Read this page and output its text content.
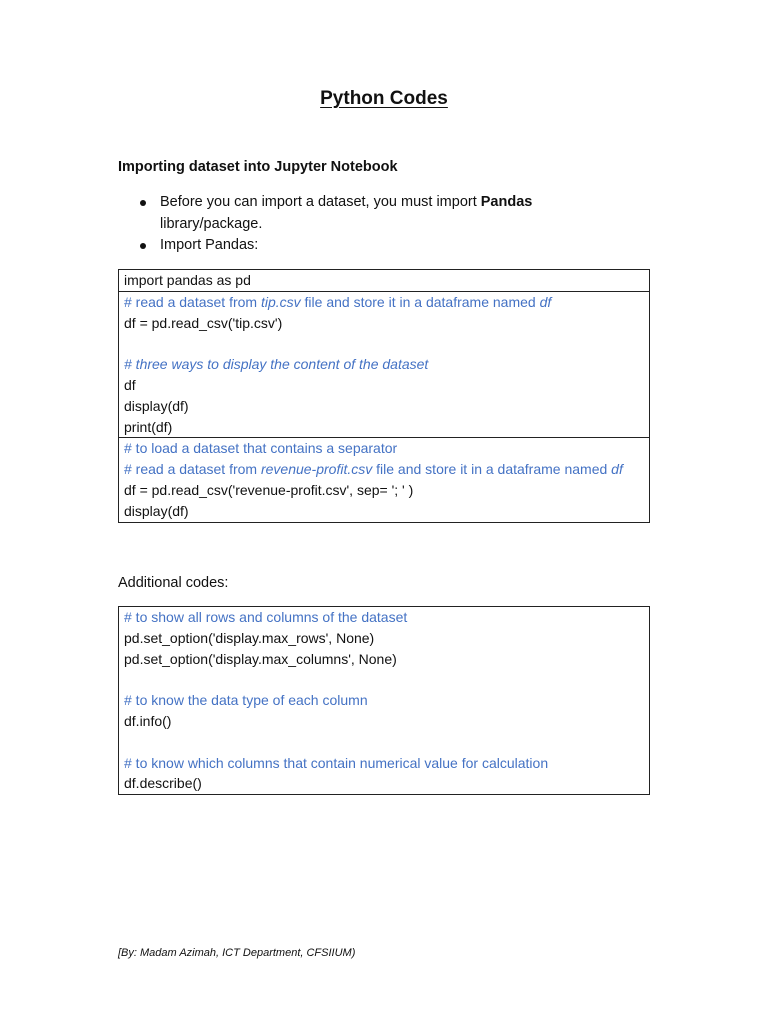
Python Codes
Importing dataset into Jupyter Notebook
Before you can import a dataset, you must import Pandas library/package.
Import Pandas:
import pandas as pd
# read a dataset from tip.csv file and store it in a dataframe named df
df = pd.read_csv('tip.csv')
# three ways to display the content of the dataset
df
display(df)
print(df)
# to load a dataset that contains a separator
# read a dataset from revenue-profit.csv file and store it in a dataframe named df
df = pd.read_csv('revenue-profit.csv', sep= '; ' )
display(df)
Additional codes:
# to show all rows and columns of the dataset
pd.set_option('display.max_rows', None)
pd.set_option('display.max_columns', None)
# to know the data type of each column
df.info()
# to know which columns that contain numerical value for calculation
df.describe()
[By: Madam Azimah, ICT Department, CFSIIUM)
